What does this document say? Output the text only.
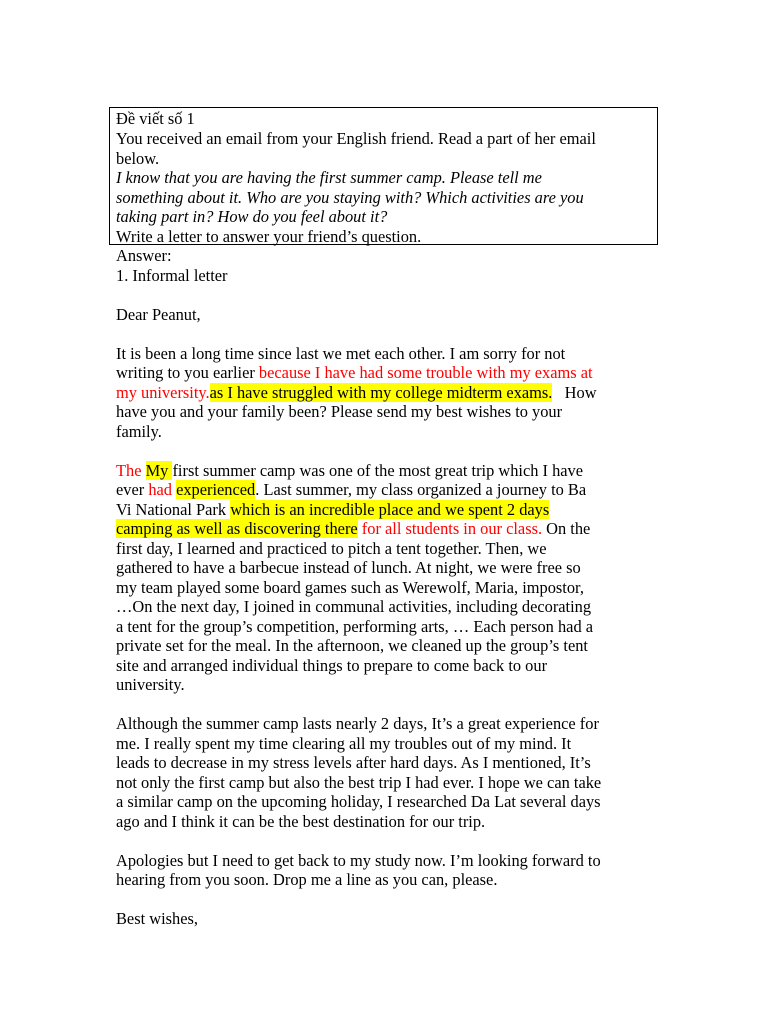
Đề viết số 1

You received an email from your English friend. Read a part of her email

below.

I know that you are having the first summer camp. Please tell me

something about it. Who are you staying with? Which activities are you

taking part in? How do you feel about it?

Write a letter to answer your friend’s question.

Answer:

1. Informal letter

Dear Peanut,

It is been a long time since last we met each other. I am sorry for not
writing to you earlier because I have had some trouble with my exams at
my university.as I have struggled with my college midterm exams.   How
have you and your family been? Please send my best wishes to your
family.
The My first summer camp was one of the most great trip which I have
ever had experienced. Last summer, my class organized a journey to Ba
Vi National Park which is an incredible place and we spent 2 days
camping as well as discovering there for all students in our class. On the
first day, I learned and practiced to pitch a tent together. Then, we
gathered to have a barbecue instead of lunch. At night, we were free so
my team played some board games such as Werewolf, Maria, impostor,
…On the next day, I joined in communal activities, including decorating
a tent for the group’s competition, performing arts, … Each person had a
private set for the meal. In the afternoon, we cleaned up the group’s tent
site and arranged individual things to prepare to come back to our
university.
Although the summer camp lasts nearly 2 days, It’s a great experience for
me. I really spent my time clearing all my troubles out of my mind. It
leads to decrease in my stress levels after hard days. As I mentioned, It’s
not only the first camp but also the best trip I had ever. I hope we can take
a similar camp on the upcoming holiday, I researched Da Lat several days
ago and I think it can be the best destination for our trip.
Apologies but I need to get back to my study now. I’m looking forward to
hearing from you soon. Drop me a line as you can, please.

Best wishes,
